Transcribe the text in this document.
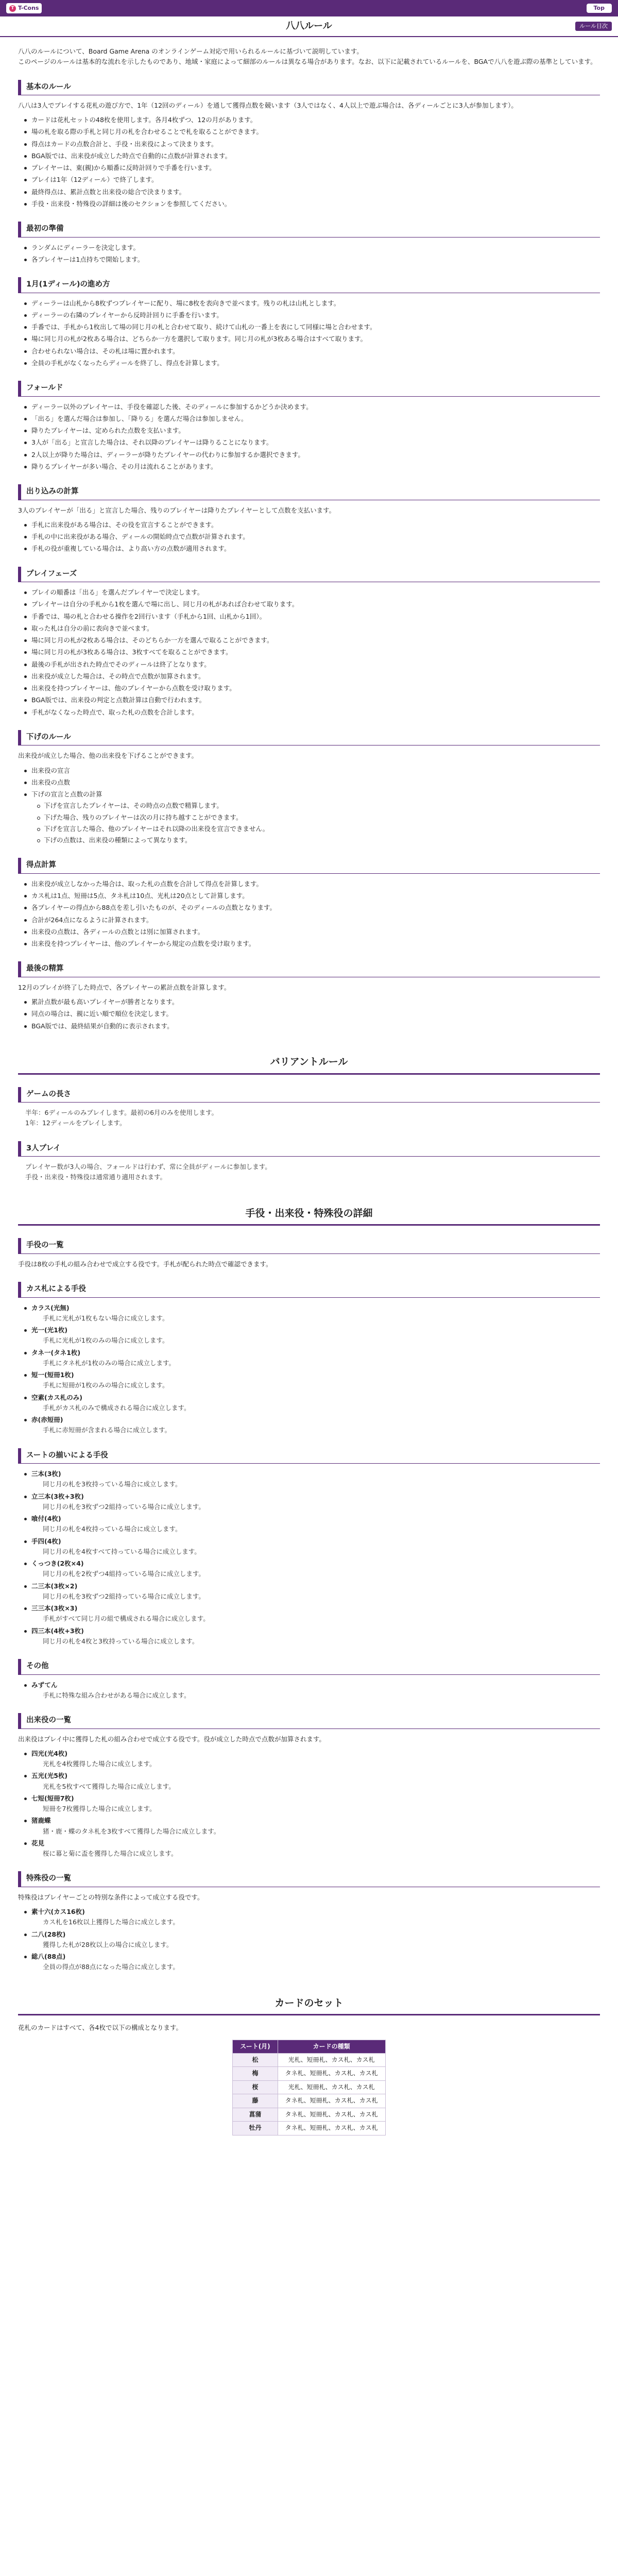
T T-Cons	Top
八八ルール	ルール目次

八八のルールについて、Board Game Arena のオンラインゲーム対応で用いられるルールに基づいて説明しています。

このページのルールは基本的な流れを示したものであり、地域・家庭によって細部のルールは異なる場合があります。なお、以下に記載されているルールを、BGAで八八を遊ぶ際の基準としています。

基本のルール

八八は3人でプレイする花札の遊び方で、1年（12回のディール）を通して獲得点数を競います（3人ではなく、4人以上で遊ぶ場合は、各ディールごとに3人が参加します）。

カードは花札セットの48枚を使用します。各月4枚ずつ、12の月があります。
場の札を取る際の手札と同じ月の札を合わせることで札を取ることができます。
得点はカードの点数合計と、手役・出来役によって決まります。
BGA版では、出来役が成立した時点で自動的に点数が計算されます。
プレイヤーは、東(親)から順番に反時計回りで手番を行います。
プレイは1年（12ディール）で終了します。
最終得点は、累計点数と出来役の総合で決まります。
手役・出来役・特殊役の詳細は後のセクションを参照してください。
最初の準備
ランダムにディーラーを決定します。
各プレイヤーは1点持ちで開始します。
1月(1ディール)の進め方
ディーラーは山札から8枚ずつプレイヤーに配り、場に8枚を表向きで並べます。残りの札は山札とします。
ディーラーの右隣のプレイヤーから反時計回りに手番を行います。
手番では、手札から1枚出して場の同じ月の札と合わせて取り、続けて山札の一番上を表にして同様に場と合わせます。
場に同じ月の札が2枚ある場合は、どちらか一方を選択して取ります。同じ月の札が3枚ある場合はすべて取ります。
合わせられない場合は、その札は場に置かれます。
全員の手札がなくなったらディールを終了し、得点を計算します。
フォールド
ディーラー以外のプレイヤーは、手役を確認した後、そのディールに参加するかどうか決めます。
「出る」を選んだ場合は参加し、「降りる」を選んだ場合は参加しません。
降りたプレイヤーは、定められた点数を支払います。
3人が「出る」と宣言した場合は、それ以降のプレイヤーは降りることになります。
2人以上が降りた場合は、ディーラーが降りたプレイヤーの代わりに参加するか選択できます。
降りるプレイヤーが多い場合、その月は流れることがあります。
出り込みの計算

3人のプレイヤーが「出る」と宣言した場合、残りのプレイヤーは降りたプレイヤーとして点数を支払います。

手札に出来役がある場合は、その役を宣言することができます。
手札の中に出来役がある場合、ディールの開始時点で点数が計算されます。
手札の役が重複している場合は、より高い方の点数が適用されます。
プレイフェーズ
プレイの順番は「出る」を選んだプレイヤーで決定します。
プレイヤーは自分の手札から1枚を選んで場に出し、同じ月の札があれば合わせて取ります。
手番では、場の札と合わせる操作を2回行います（手札から1回、山札から1回）。
取った札は自分の前に表向きで並べます。
場に同じ月の札が2枚ある場合は、そのどちらか一方を選んで取ることができます。
場に同じ月の札が3枚ある場合は、3枚すべてを取ることができます。
最後の手札が出された時点でそのディールは終了となります。
出来役が成立した場合は、その時点で点数が加算されます。
出来役を持つプレイヤーは、他のプレイヤーから点数を受け取ります。
BGA版では、出来役の判定と点数計算は自動で行われます。
手札がなくなった時点で、取った札の点数を合計します。
下げのルール

出来役が成立した場合、他の出来役を下げることができます。

出来役の宣言
出来役の点数
下げの宣言と点数の計算
下げを宣言したプレイヤーは、その時点の点数で精算します。
下げた場合、残りのプレイヤーは次の月に持ち越すことができます。
下げを宣言した場合、他のプレイヤーはそれ以降の出来役を宣言できません。
下げの点数は、出来役の種類によって異なります。
得点計算
出来役が成立しなかった場合は、取った札の点数を合計して得点を計算します。
カス札は1点、短冊は5点、タネ札は10点、光札は20点として計算します。
各プレイヤーの得点から88点を差し引いたものが、そのディールの点数となります。
合計が264点になるように計算されます。
出来役の点数は、各ディールの点数とは別に加算されます。
出来役を持つプレイヤーは、他のプレイヤーから規定の点数を受け取ります。
最後の精算

12月のプレイが終了した時点で、各プレイヤーの累計点数を計算します。

累計点数が最も高いプレイヤーが勝者となります。
同点の場合は、親に近い順で順位を決定します。
BGA版では、最終結果が自動的に表示されます。
バリアントルール
ゲームの長さ

半年：6ディールのみプレイします。最初の6月のみを使用します。

1年：12ディールをプレイします。

3人プレイ

プレイヤー数が3人の場合、フォールドは行わず、常に全員がディールに参加します。

手役・出来役・特殊役は通常通り適用されます。

手役・出来役・特殊役の詳細
手役の一覧

手役は8枚の手札の組み合わせで成立する役です。手札が配られた時点で確認できます。

カス札による手役
カラス(光無)
手札に光札が1枚もない場合に成立します。
光一(光1枚)
手札に光札が1枚のみの場合に成立します。
タネ一(タネ1枚)
手札にタネ札が1枚のみの場合に成立します。
短一(短冊1枚)
手札に短冊が1枚のみの場合に成立します。
空素(カス札のみ)
手札がカス札のみで構成される場合に成立します。
赤(赤短冊)
手札に赤短冊が含まれる場合に成立します。
スートの揃いによる手役
三本(3枚)
同じ月の札を3枚持っている場合に成立します。
立三本(3枚+3枚)
同じ月の札を3枚ずつ2組持っている場合に成立します。
喰付(4枚)
同じ月の札を4枚持っている場合に成立します。
手四(4枚)
同じ月の札を4枚すべて持っている場合に成立します。
くっつき(2枚×4)
同じ月の札を2枚ずつ4組持っている場合に成立します。
二三本(3枚×2)
同じ月の札を3枚ずつ2組持っている場合に成立します。
三三本(3枚×3)
手札がすべて同じ月の組で構成される場合に成立します。
四三本(4枚+3枚)
同じ月の札を4枚と3枚持っている場合に成立します。
その他
みずてん
手札に特殊な組み合わせがある場合に成立します。
出来役の一覧

出来役はプレイ中に獲得した札の組み合わせで成立する役です。役が成立した時点で点数が加算されます。

四光(光4枚)
光札を4枚獲得した場合に成立します。
五光(光5枚)
光札を5枚すべて獲得した場合に成立します。
七短(短冊7枚)
短冊を7枚獲得した場合に成立します。
猪鹿蝶
猪・鹿・蝶のタネ札を3枚すべて獲得した場合に成立します。
花見
桜に幕と菊に盃を獲得した場合に成立します。
特殊役の一覧

特殊役はプレイヤーごとの特別な条件によって成立する役です。

素十六(カス16枚)
カス札を16枚以上獲得した場合に成立します。
二八(28枚)
獲得した札が28枚以上の場合に成立します。
総八(88点)
全員の得点が88点になった場合に成立します。
カードのセット

花札のカードはすべて、各4枚で以下の構成となります。

スート(月)	カードの種類
松	光札、短冊札、カス札、カス札
梅	タネ札、短冊札、カス札、カス札
桜	光札、短冊札、カス札、カス札
藤	タネ札、短冊札、カス札、カス札
菖蒲	タネ札、短冊札、カス札、カス札
牡丹	タネ札、短冊札、カス札、カス札
